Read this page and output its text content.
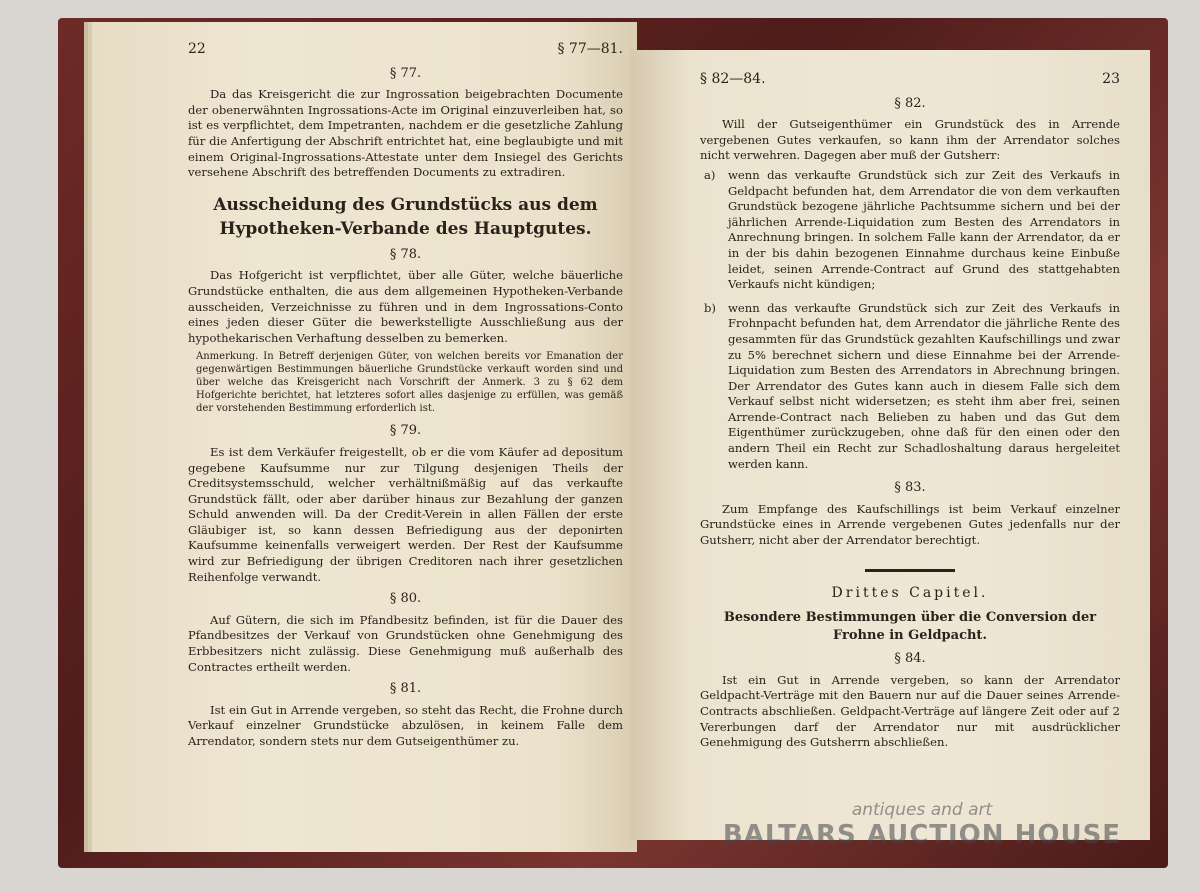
22	§ 77—81.
§ 77.

Da das Kreisgericht die zur Ingrossation beigebrachten Documente der obenerwähnten Ingrossations-Acte im Original einzuverleiben hat, so ist es verpflichtet, dem Impetranten, nachdem er die gesetzliche Zahlung für die Anfertigung der Abschrift entrichtet hat, eine beglaubigte und mit einem Original-Ingrossations-Attestate unter dem Insiegel des Gerichts versehene Abschrift des betreffenden Documents zu extradiren.

Ausscheidung des Grundstücks aus dem Hypotheken-Verbande des Hauptgutes.
§ 78.

Das Hofgericht ist verpflichtet, über alle Güter, welche bäuerliche Grundstücke enthalten, die aus dem allgemeinen Hypotheken-Verbande ausscheiden, Verzeichnisse zu führen und in dem Ingrossations-Conto eines jeden dieser Güter die bewerkstelligte Ausschließung aus der hypothekarischen Verhaftung desselben zu bemerken.

Anmerkung. In Betreff derjenigen Güter, von welchen bereits vor Emanation der gegenwärtigen Bestimmungen bäuerliche Grundstücke verkauft worden sind und über welche das Kreisgericht nach Vorschrift der Anmerk. 3 zu § 62 dem Hofgerichte berichtet, hat letzteres sofort alles dasjenige zu erfüllen, was gemäß der vorstehenden Bestimmung erforderlich ist.
§ 79.

Es ist dem Verkäufer freigestellt, ob er die vom Käufer ad depositum gegebene Kaufsumme nur zur Tilgung desjenigen Theils der Creditsystemsschuld, welcher verhältnißmäßig auf das verkaufte Grundstück fällt, oder aber darüber hinaus zur Bezahlung der ganzen Schuld anwenden will. Da der Credit-Verein in allen Fällen der erste Gläubiger ist, so kann dessen Befriedigung aus der deponirten Kaufsumme keinenfalls verweigert werden. Der Rest der Kaufsumme wird zur Befriedigung der übrigen Creditoren nach ihrer gesetzlichen Reihenfolge verwandt.

§ 80.

Auf Gütern, die sich im Pfandbesitz befinden, ist für die Dauer des Pfandbesitzes der Verkauf von Grundstücken ohne Genehmigung des Erbbesitzers nicht zulässig. Diese Genehmigung muß außerhalb des Contractes ertheilt werden.

§ 81.

Ist ein Gut in Arrende vergeben, so steht das Recht, die Frohne durch Verkauf einzelner Grundstücke abzulösen, in keinem Falle dem Arrendator, sondern stets nur dem Gutseigenthümer zu.

§ 82—84.	23
§ 82.

Will der Gutseigenthümer ein Grundstück des in Arrende vergebenen Gutes verkaufen, so kann ihm der Arrendator solches nicht verwehren. Dagegen aber muß der Gutsherr:

a)	wenn das verkaufte Grundstück sich zur Zeit des Verkaufs in Geldpacht befunden hat, dem Arrendator die von dem verkauften Grundstück bezogene jährliche Pachtsumme sichern und bei der jährlichen Arrende-Liquidation zum Besten des Arrendators in Anrechnung bringen. In solchem Falle kann der Arrendator, da er in der bis dahin bezogenen Einnahme durchaus keine Einbuße leidet, seinen Arrende-Contract auf Grund des stattgehabten Verkaufs nicht kündigen;
b)	wenn das verkaufte Grundstück sich zur Zeit des Verkaufs in Frohnpacht befunden hat, dem Arrendator die jährliche Rente des gesammten für das Grundstück gezahlten Kaufschillings und zwar zu 5% berechnet sichern und diese Einnahme bei der Arrende-Liquidation zum Besten des Arrendators in Abrechnung bringen. Der Arrendator des Gutes kann auch in diesem Falle sich dem Verkauf selbst nicht widersetzen; es steht ihm aber frei, seinen Arrende-Contract nach Belieben zu haben und das Gut dem Eigenthümer zurückzugeben, ohne daß für den einen oder den andern Theil ein Recht zur Schadloshaltung daraus hergeleitet werden kann.
§ 83.

Zum Empfange des Kaufschillings ist beim Verkauf einzelner Grundstücke eines in Arrende vergebenen Gutes jedenfalls nur der Gutsherr, nicht aber der Arrendator berechtigt.

Drittes Capitel.
Besondere Bestimmungen über die Conversion der Frohne in Geldpacht.
§ 84.

Ist ein Gut in Arrende vergeben, so kann der Arrendator Geldpacht-Verträge mit den Bauern nur auf die Dauer seines Arrende-Contracts abschließen. Geldpacht-Verträge auf längere Zeit oder auf 2 Vererbungen darf der Arrendator nur mit ausdrücklicher Genehmigung des Gutsherrn abschließen.

antiques and art
BALTARS AUCTION HOUSE
